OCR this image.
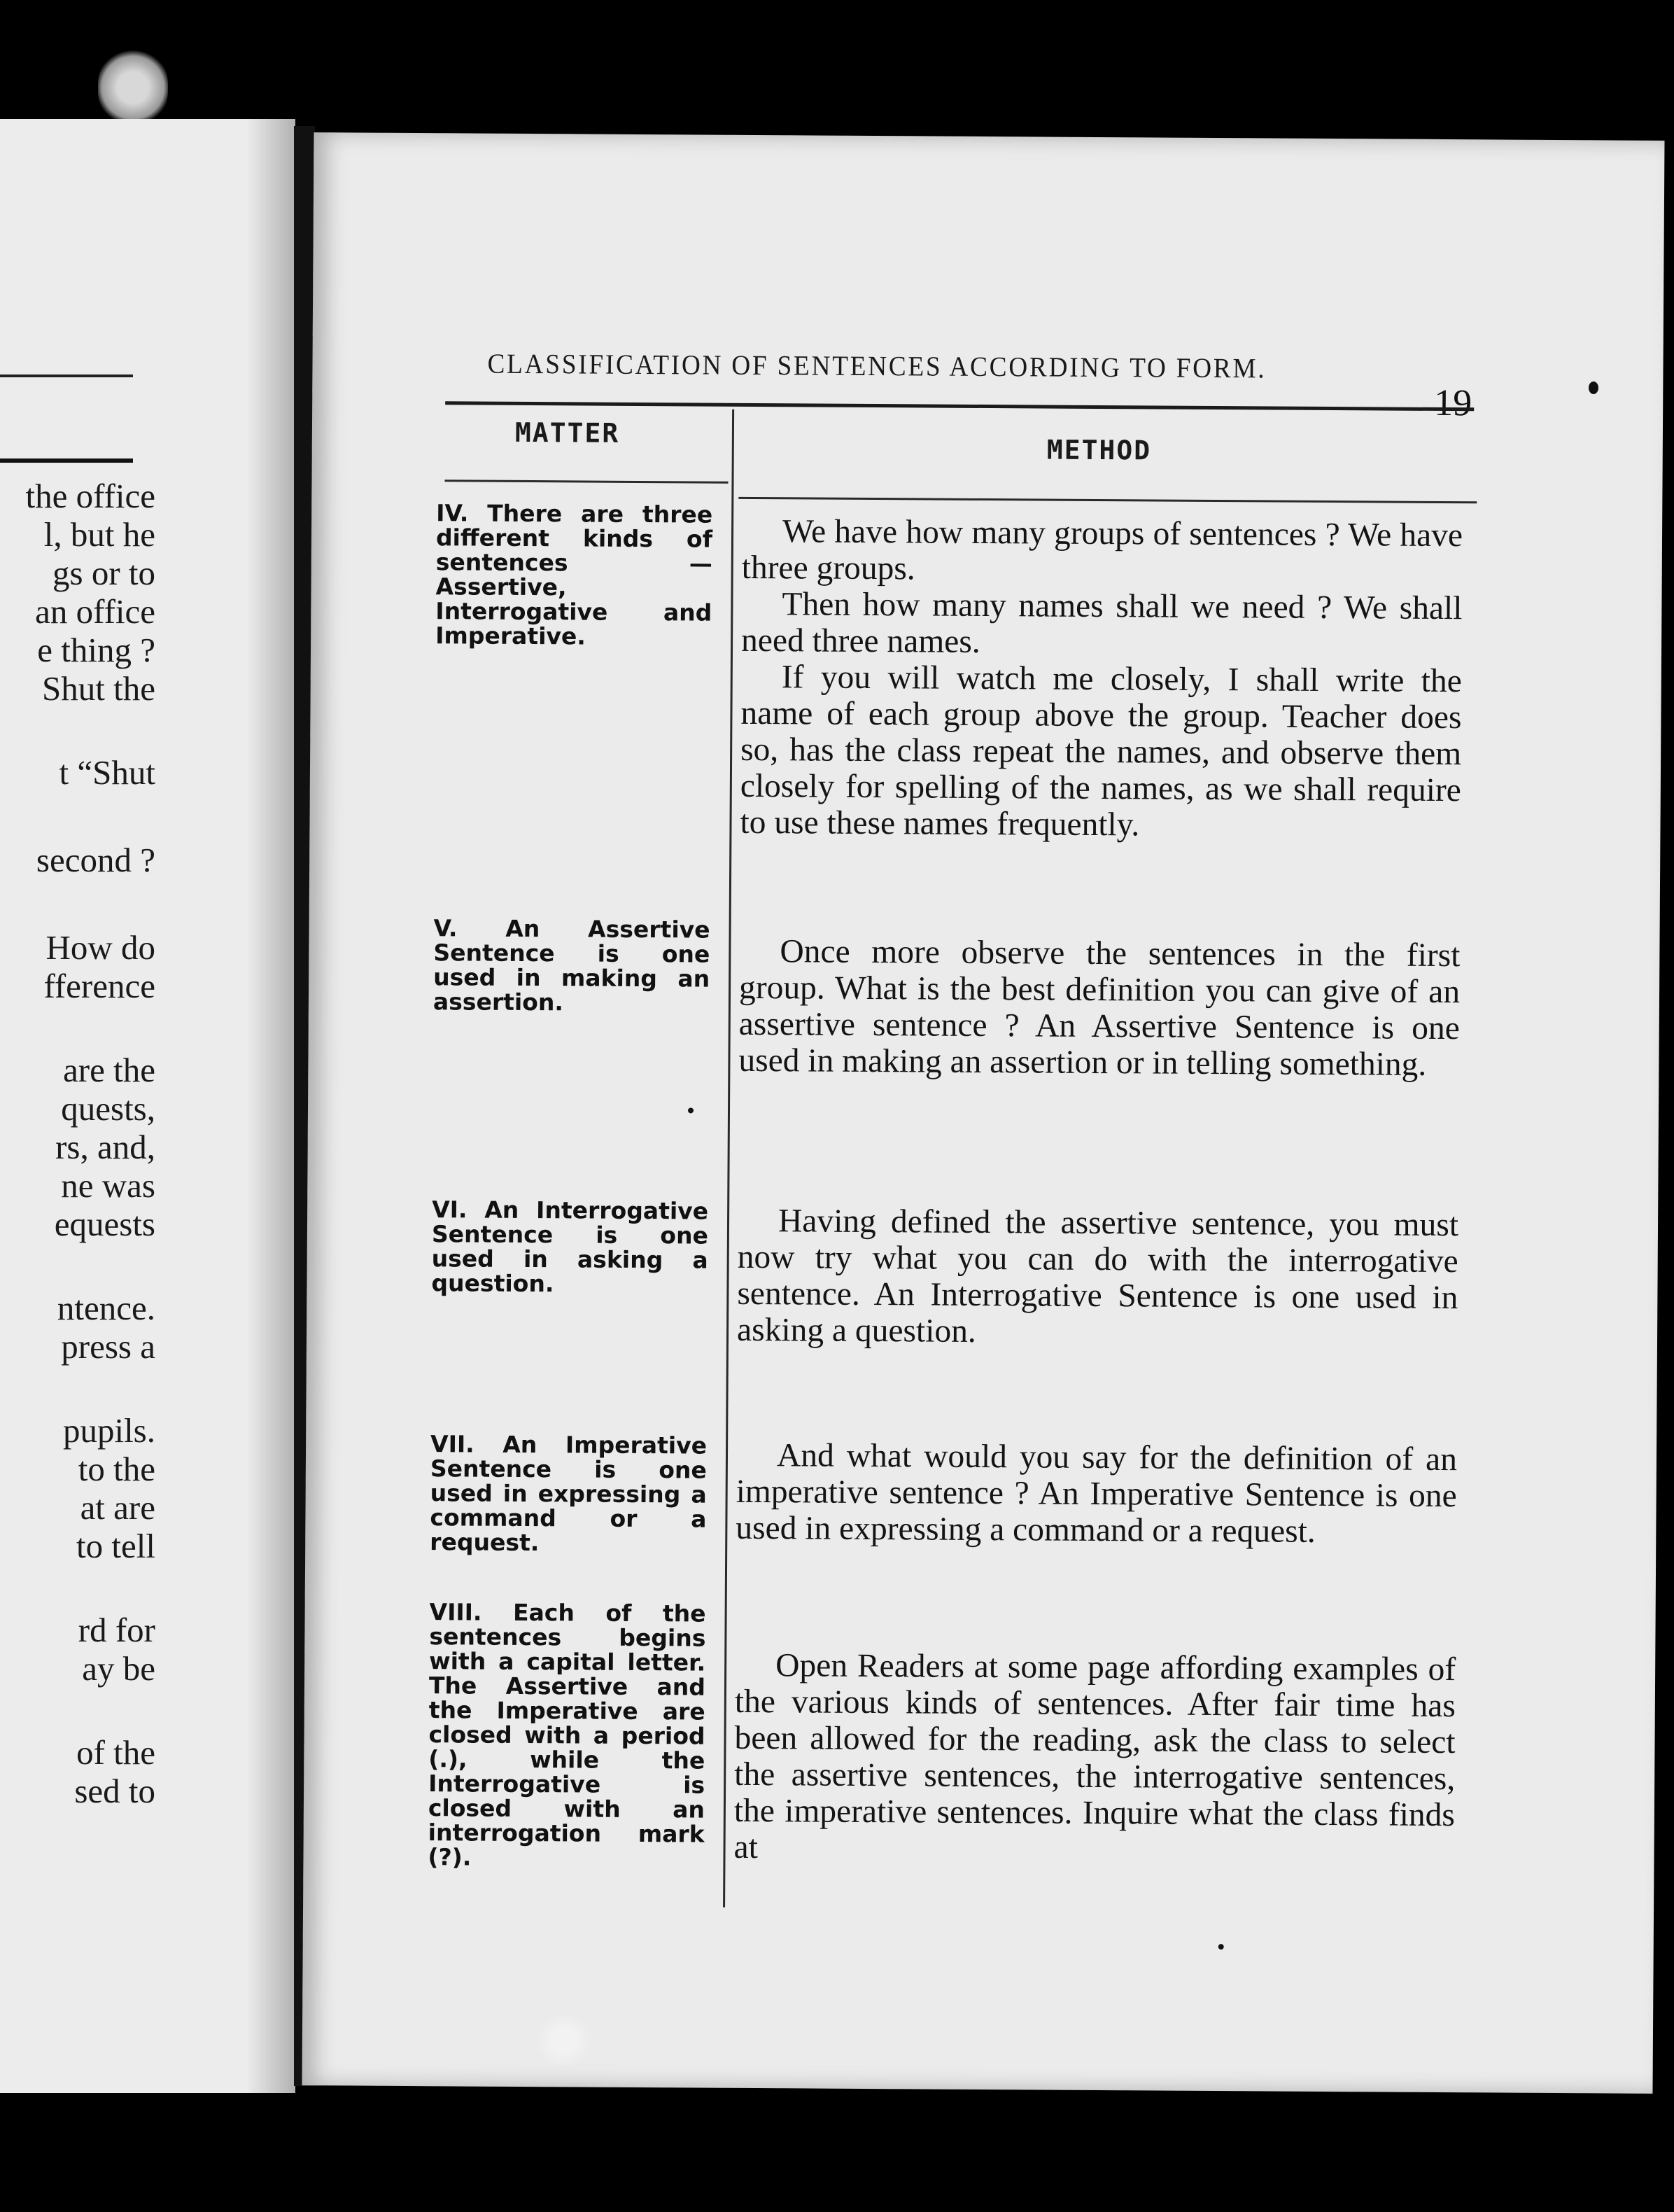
the office
l, but he
gs or to
an office
e thing ?
Shut the
t “Shut
second ?
How do
fference
are the
quests,
rs, and,
ne was
equests
ntence.
press a
pupils.
to the
at are
to tell
rd for
ay be
of the
sed to
CLASSIFICATION OF SENTENCES ACCORDING TO FORM.
19
MATTER
METHOD
IV. There are three different kinds of sentences — Assertive, Interrogative and Imperative.
V. An Assertive Sentence is one used in making an assertion.
VI. An Interrogative Sentence is one used in asking a question.
VII. An Imperative Sentence is one used in expressing a command or a request.
VIII. Each of the sentences begins with a capital letter. The Assertive and the Imperative are closed with a period (.), while the Interrogative is closed with an interrogation mark (?).

We have how many groups of sentences ? We have three groups.

Then how many names shall we need ? We shall need three names.

If you will watch me closely, I shall write the name of each group above the group. Teacher does so, has the class repeat the names, and observe them closely for spelling of the names, as we shall require to use these names frequently.

Once more observe the sentences in the first group. What is the best definition you can give of an assertive sentence ? An Assertive Sentence is one used in making an assertion or in telling something.

Having defined the assertive sentence, you must now try what you can do with the interrogative sentence. An Interrogative Sentence is one used in asking a question.

And what would you say for the definition of an imperative sentence ? An Imperative Sentence is one used in expressing a command or a request.

Open Readers at some page affording examples of the various kinds of sentences. After fair time has been allowed for the reading, ask the class to select the assertive sentences, the interrogative sentences, the imperative sentences. Inquire what the class finds at
